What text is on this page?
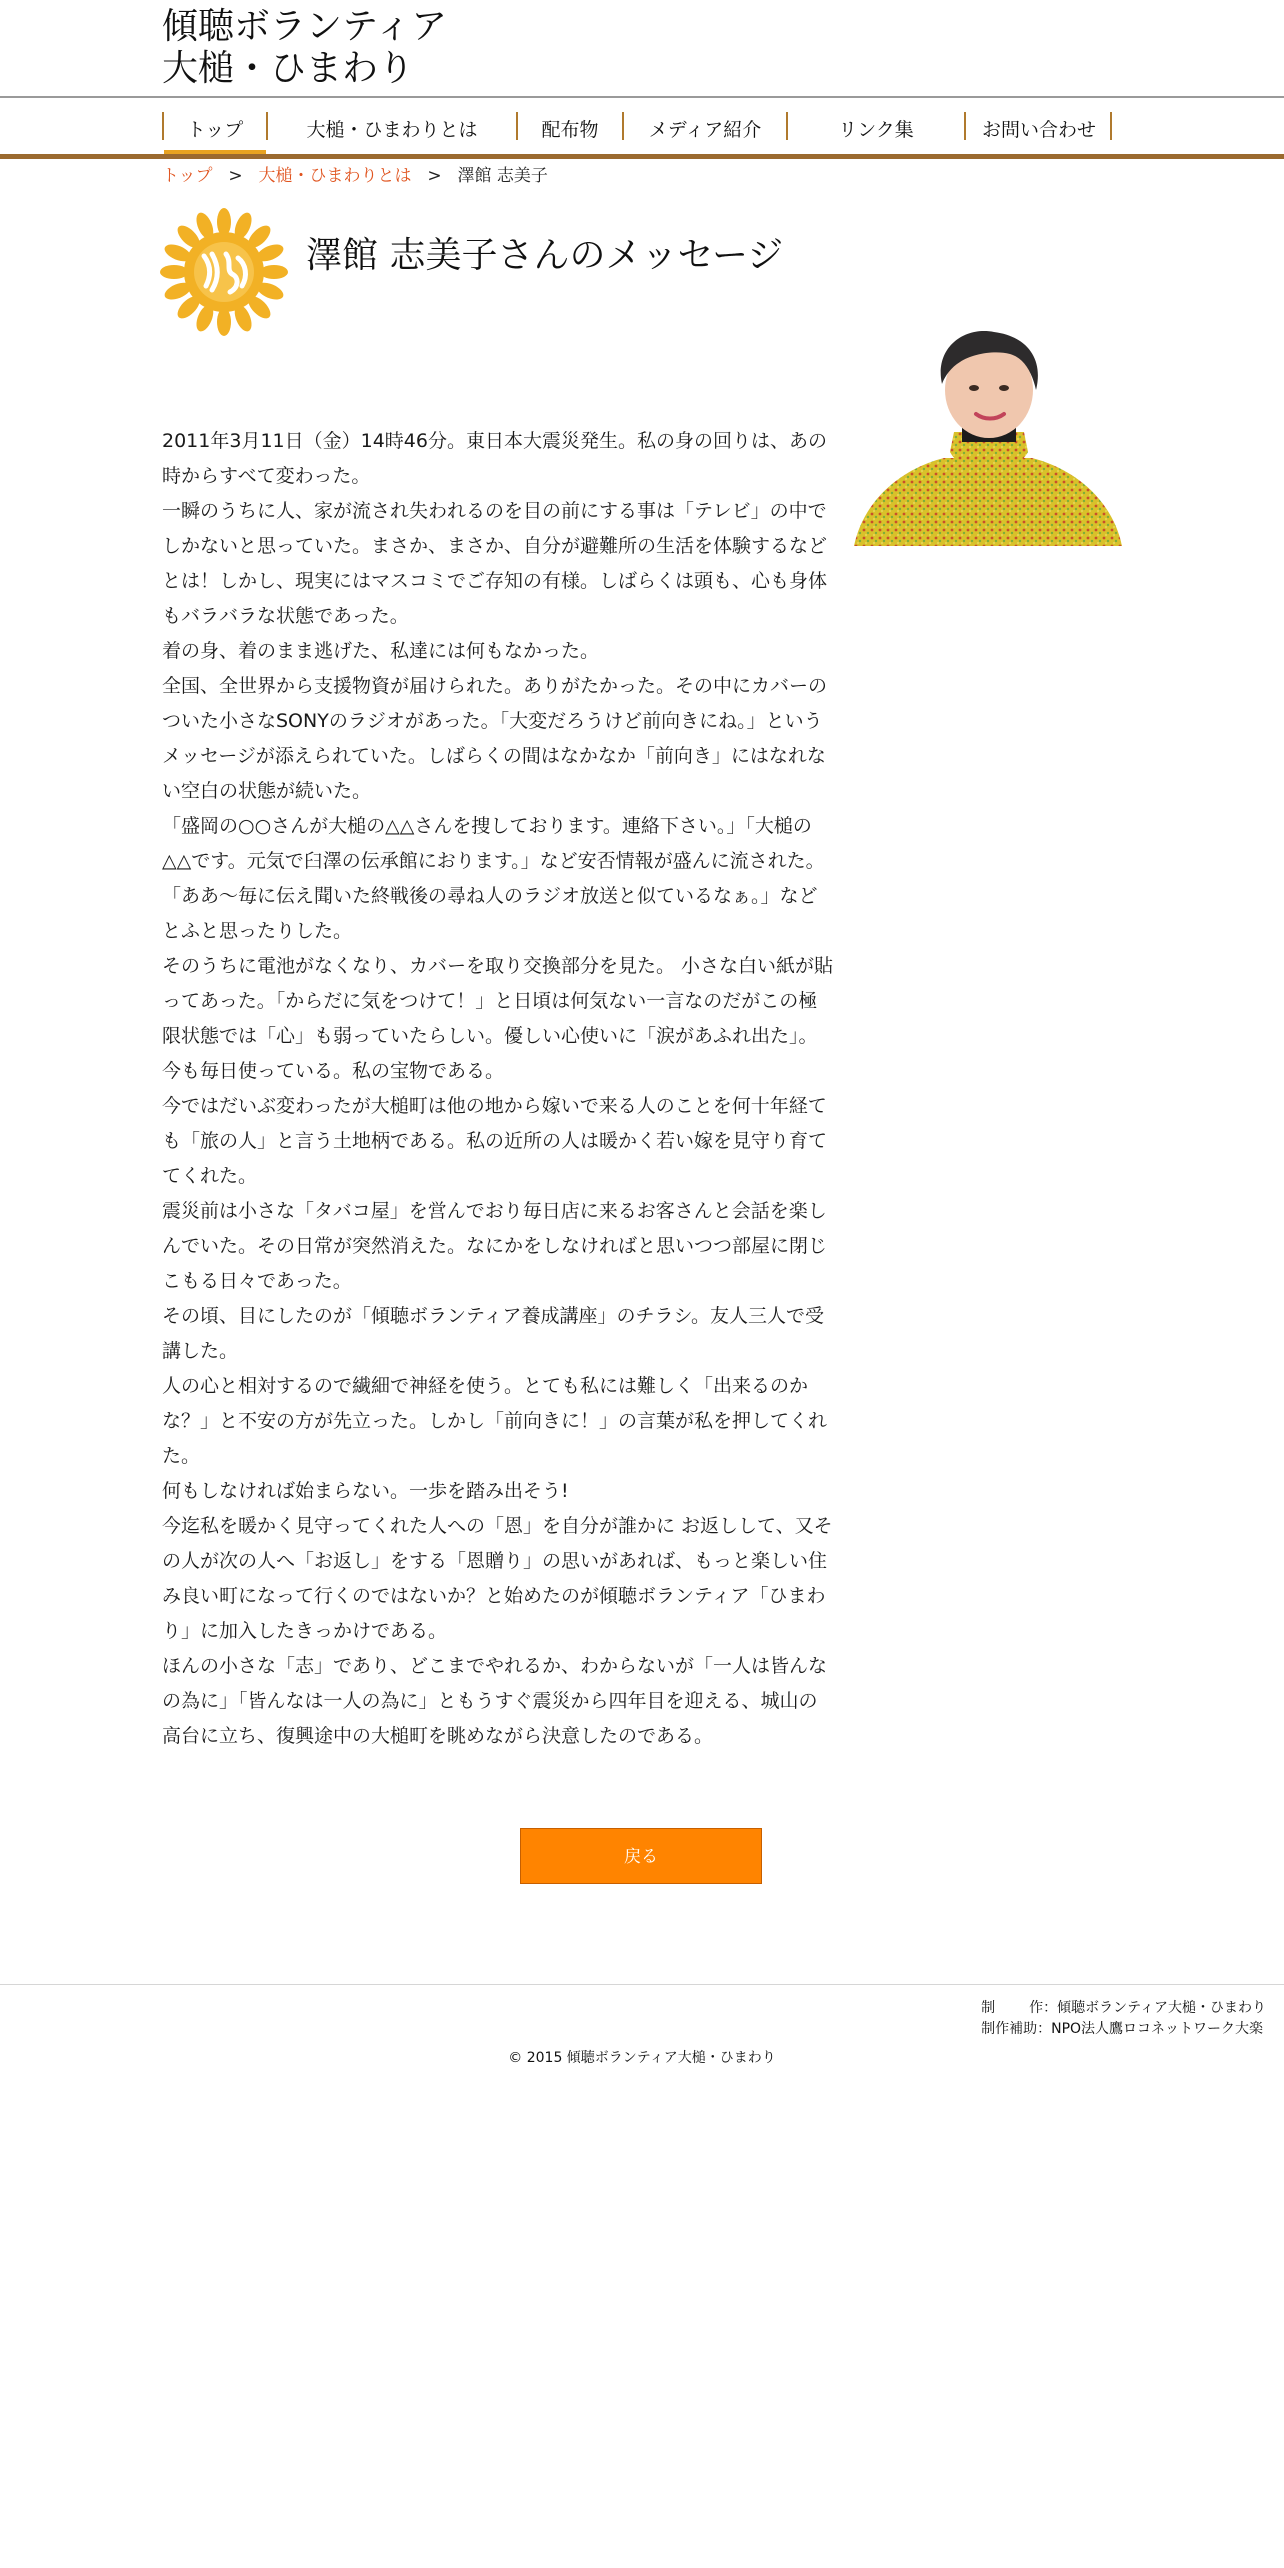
傾聴ボランティア
大槌・ひまわり
トップ	大槌・ひまわりとは	配布物	メディア紹介	リンク集	お問い合わせ
トップ > 大槌・ひまわりとは > 澤館 志美子
澤館 志美子さんのメッセージ

2011年3月11日（金）14時46分。東日本大震災発生。私の身の回りは、あの時からすべて変わった。

一瞬のうちに人、家が流され失われるのを目の前にする事は「テレビ」の中でしかないと思っていた。まさか、まさか、自分が避難所の生活を体験するなどとは！しかし、現実にはマスコミでご存知の有様。しばらくは頭も、心も身体もバラバラな状態であった。

着の身、着のまま逃げた、私達には何もなかった。

全国、全世界から支援物資が届けられた。ありがたかった。その中にカバーのついた小さなSONYのラジオがあった。「大変だろうけど前向きにね。」というメッセージが添えられていた。しばらくの間はなかなか「前向き」にはなれない空白の状態が続いた。

「盛岡の○○さんが大槌の△△さんを捜しております。連絡下さい。」「大槌の△△です。元気で臼澤の伝承館におります。」など安否情報が盛んに流された。

「ああ〜毎に伝え聞いた終戦後の尋ね人のラジオ放送と似ているなぁ。」などとふと思ったりした。

そのうちに電池がなくなり、カバーを取り交換部分を見た。 小さな白い紙が貼ってあった。「からだに気をつけて！」と日頃は何気ない一言なのだがこの極限状態では「心」も弱っていたらしい。優しい心使いに「涙があふれ出た」。今も毎日使っている。私の宝物である。

今ではだいぶ変わったが大槌町は他の地から嫁いで来る人のことを何十年経ても「旅の人」と言う土地柄である。私の近所の人は暖かく若い嫁を見守り育ててくれた。

震災前は小さな「タバコ屋」を営んでおり毎日店に来るお客さんと会話を楽しんでいた。その日常が突然消えた。なにかをしなければと思いつつ部屋に閉じこもる日々であった。

その頃、目にしたのが「傾聴ボランティア養成講座」のチラシ。友人三人で受講した。

人の心と相対するので繊細で神経を使う。とても私には難しく「出来るのかな？」と不安の方が先立った。しかし「前向きに！」の言葉が私を押してくれた。

何もしなければ始まらない。一歩を踏み出そう!

今迄私を暖かく見守ってくれた人への「恩」を自分が誰かに お返しして、又その人が次の人へ「お返し」をする「恩贈り」の思いがあれば、もっと楽しい住み良い町になって行くのではないか？と始めたのが傾聴ボランティア「ひまわり」に加入したきっかけである。

ほんの小さな「志」であり、どこまでやれるか、わからないが「一人は皆んなの為に」「皆んなは一人の為に」ともうすぐ震災から四年目を迎える、城山の高台に立ち、復興途中の大槌町を眺めながら決意したのである。

戻る
制作：傾聴ボランティア大槌・ひまわり
制作補助：NPO法人鷹ロコネットワーク大楽
© 2015 傾聴ボランティア大槌・ひまわり
